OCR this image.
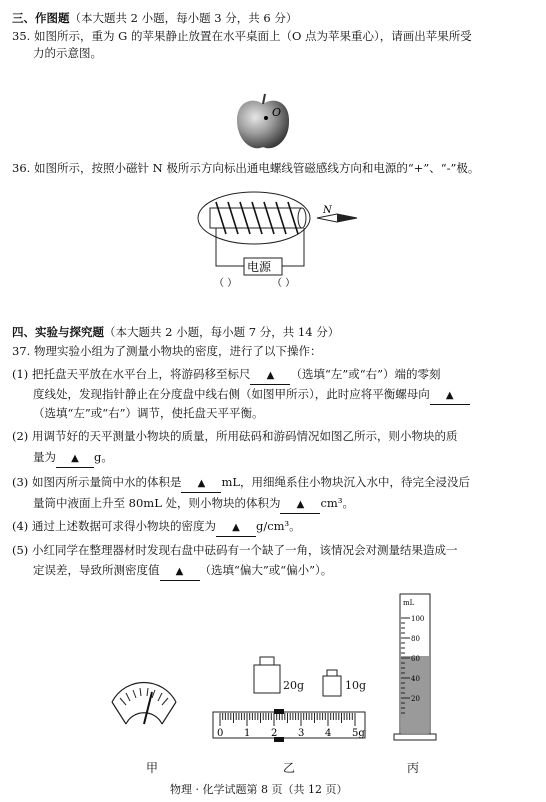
三、作图题（本大题共 2 小题，每小题 3 分，共 6 分）
35. 如图所示，重为 G 的苹果静止放置在水平桌面上（O 点为苹果重心），请画出苹果所受
力的示意图。
O
36. 如图所示，按照小磁针 N 极所示方向标出通电螺线管磁感线方向和电源的“+”、“-”极。
电源
（ ）	（ ）
N
四、实验与探究题（本大题共 2 小题，每小题 7 分，共 14 分）
37. 物理实验小组为了测量小物块的密度，进行了以下操作：
(1) 把托盘天平放在水平台上，将游码移至标尺 ▲ （选填“左”或“右”）端的零刻
度线处，发现指针静止在分度盘中线右侧（如图甲所示），此时应将平衡螺母向 ▲
（选填“左”或“右”）调节，使托盘天平平衡。
(2) 用调节好的天平测量小物块的质量，所用砝码和游码情况如图乙所示，则小物块的质
量为 ▲ g。
(3) 如图丙所示量筒中水的体积是 ▲ mL，用细绳系住小物块沉入水中，待完全浸没后
量筒中液面上升至 80mL 处，则小物块的体积为 ▲ cm³。
(4) 通过上述数据可求得小物块的密度为 ▲ g/cm³。
(5) 小红同学在整理器材时发现右盘中砝码有一个缺了一角，该情况会对测量结果造成一
定误差，导致所测密度值 ▲ （选填“偏大”或“偏小”）。
20g	10g
0 1 2 3 4 5g
mL
100
80
60
40
20
甲	乙	丙
物理 · 化学试题第 8 页（共 12 页）
